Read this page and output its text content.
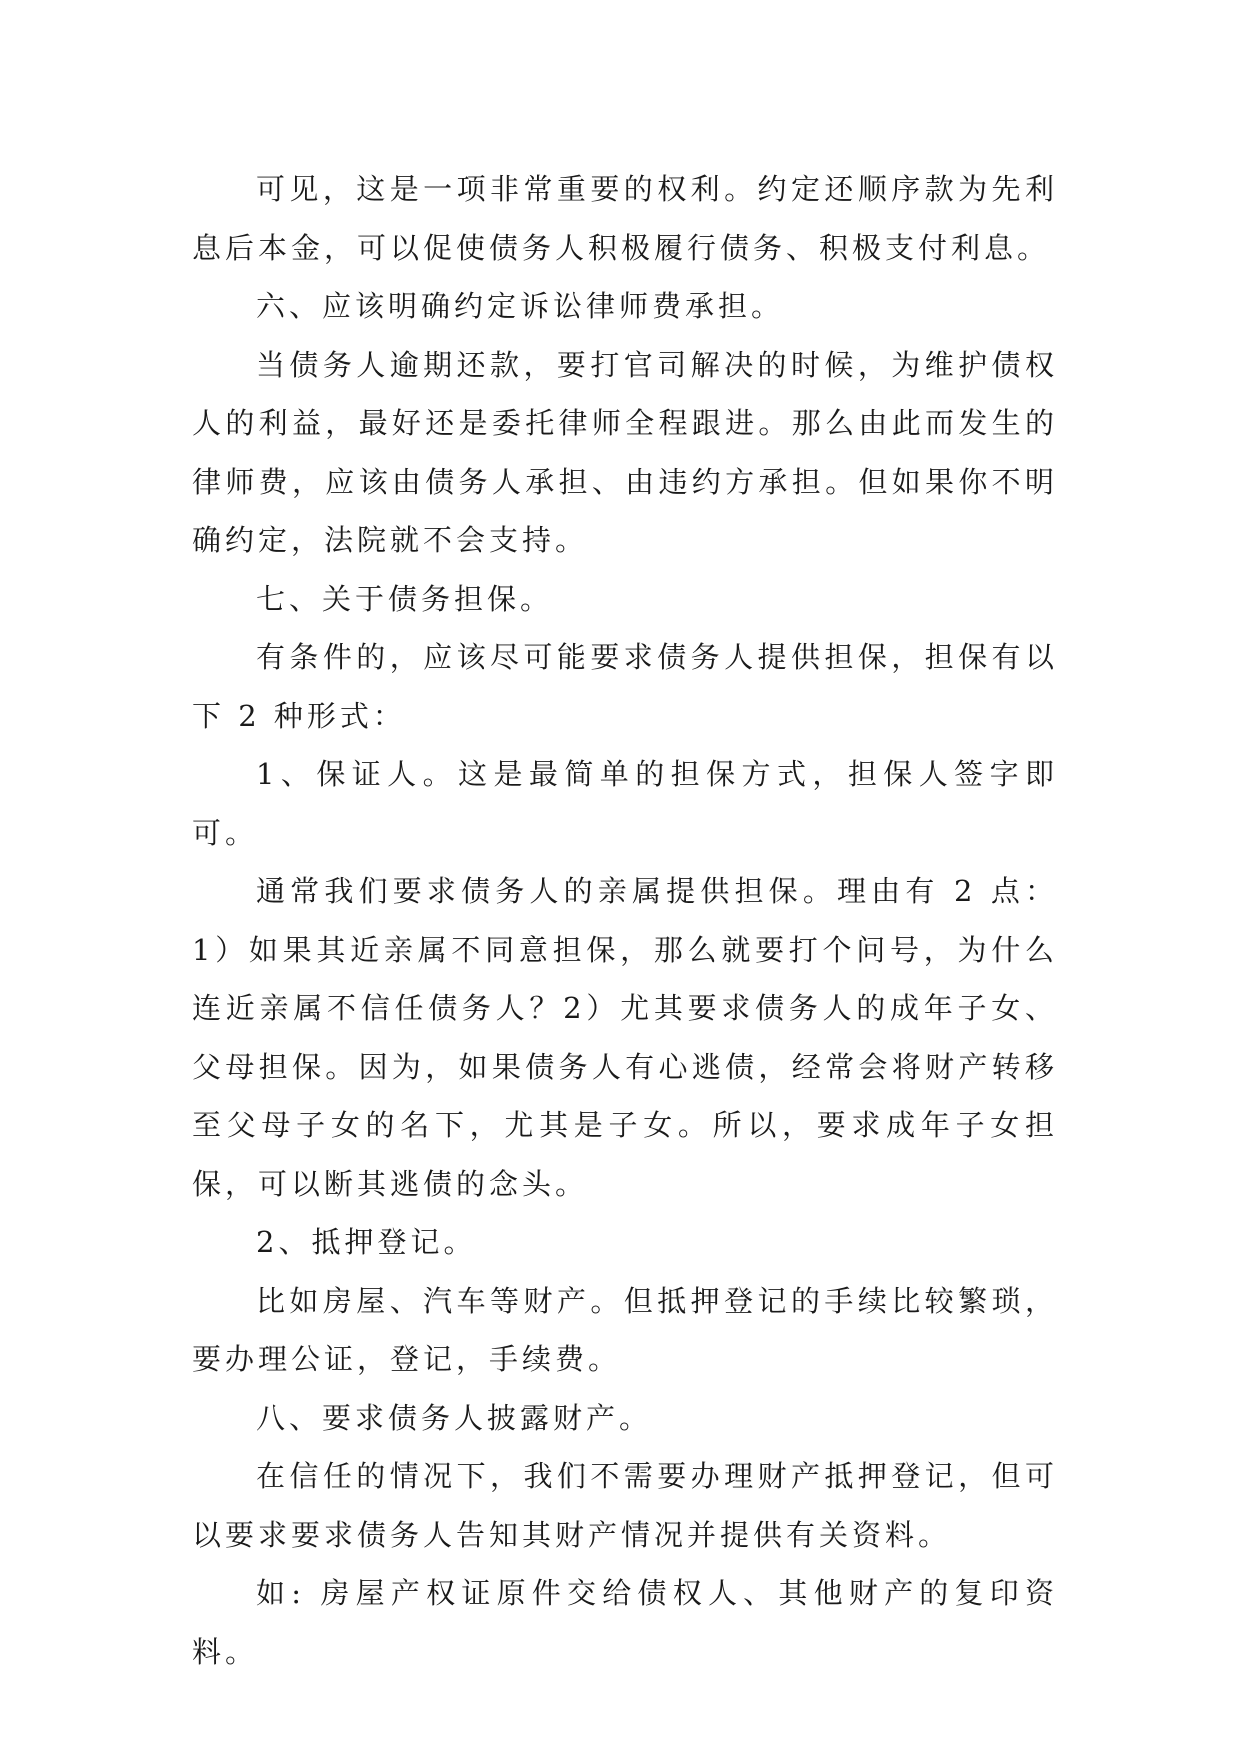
可见，这是一项非常重要的权利。约定还顺序款为先利息后本金，可以促使债务人积极履行债务、积极支付利息。

六、应该明确约定诉讼律师费承担。

当债务人逾期还款，要打官司解决的时候，为维护债权人的利益，最好还是委托律师全程跟进。那么由此而发生的律师费，应该由债务人承担、由违约方承担。但如果你不明确约定，法院就不会支持。

七、关于债务担保。

有条件的，应该尽可能要求债务人提供担保，担保有以下 2 种形式：

1、保证人。这是最简单的担保方式，担保人签字即可。

通常我们要求债务人的亲属提供担保。理由有 2 点：1）如果其近亲属不同意担保，那么就要打个问号，为什么连近亲属不信任债务人？2）尤其要求债务人的成年子女、父母担保。因为，如果债务人有心逃债，经常会将财产转移至父母子女的名下，尤其是子女。所以，要求成年子女担保，可以断其逃债的念头。

2、抵押登记。

比如房屋、汽车等财产。但抵押登记的手续比较繁琐，要办理公证，登记，手续费。

八、要求债务人披露财产。

在信任的情况下，我们不需要办理财产抵押登记，但可以要求要求债务人告知其财产情况并提供有关资料。

如: 房屋产权证原件交给债权人、其他财产的复印资料。
